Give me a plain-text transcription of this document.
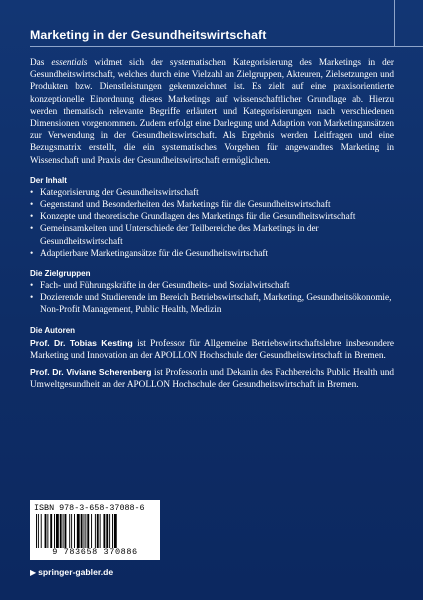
Marketing in der Gesundheitswirtschaft

Das essentials widmet sich der systematischen Kategorisierung des Marketings in der Gesundheitswirtschaft, welches durch eine Vielzahl an Zielgruppen, Akteuren, Zielsetzungen und Produkten bzw. Dienstleistungen gekennzeichnet ist. Es zielt auf eine praxisorientierte konzeptionelle Einordnung dieses Marketings auf wissenschaftlicher Grundlage ab. Hierzu werden thematisch relevante Begriffe erläutert und Kategorisierungen nach verschiedenen Dimensionen vorgenommen. Zudem erfolgt eine Darlegung und Adaption von Marketingansätzen zur Verwendung in der Gesundheitswirtschaft. Als Ergebnis werden Leitfragen und eine Bezugsmatrix erstellt, die ein systematisches Vorgehen für angewandtes Marketing in Wissenschaft und Praxis der Gesundheitswirtschaft ermöglichen.

Der Inhalt
• Kategorisierung der Gesundheitswirtschaft
• Gegenstand und Besonderheiten des Marketings für die Gesundheitswirtschaft
• Konzepte und theoretische Grundlagen des Marketings für die Gesundheitswirtschaft
• Gemeinsamkeiten und Unterschiede der Teilbereiche des Marketings in der Gesundheitswirtschaft
• Adaptierbare Marketingansätze für die Gesundheitswirtschaft
Die Zielgruppen
• Fach- und Führungskräfte in der Gesundheits- und Sozialwirtschaft
• Dozierende und Studierende im Bereich Betriebswirtschaft, Marketing, Gesundheitsökonomie, Non-Profit Management, Public Health, Medizin
Die Autoren

Prof. Dr. Tobias Kesting ist Professor für Allgemeine Betriebswirtschaftslehre insbesondere Marketing und Innovation an der APOLLON Hochschule der Gesundheitswirtschaft in Bremen.

Prof. Dr. Viviane Scherenberg ist Professorin und Dekanin des Fachbereichs Public Health und Umweltgesundheit an der APOLLON Hochschule der Gesundheitswirtschaft in Bremen.

ISBN 978-3-658-37088-6
9 783658 370886
▶ springer-gabler.de
